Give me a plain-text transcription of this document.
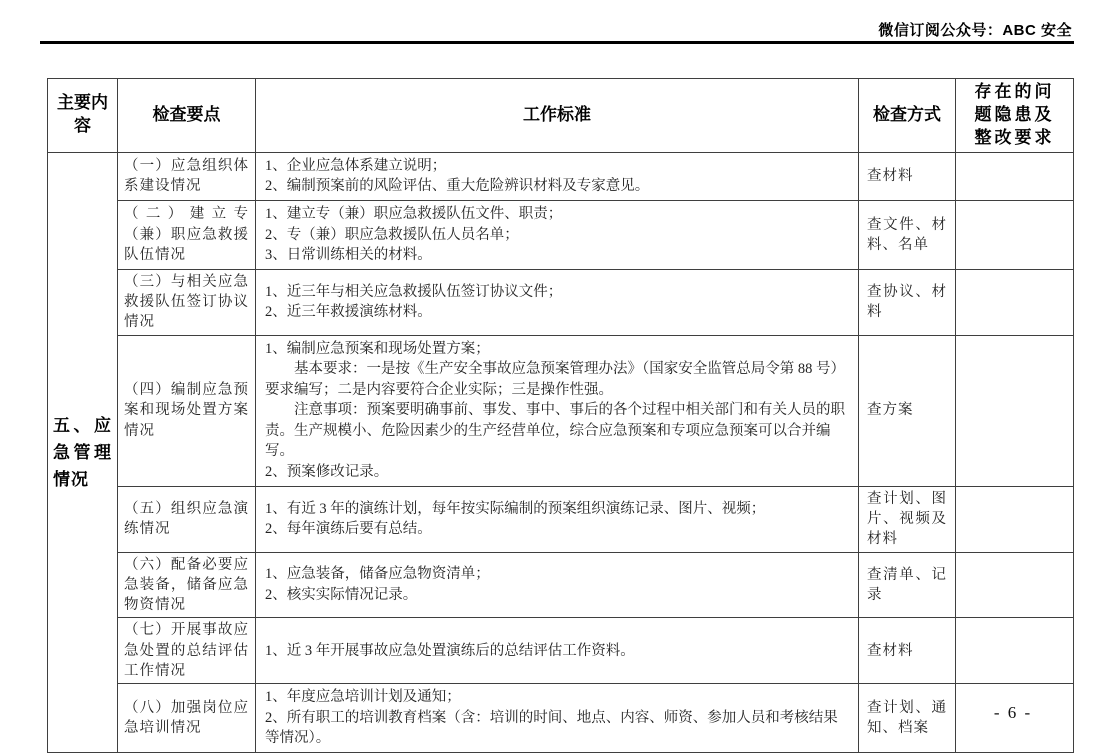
微信订阅公众号：ABC 安全
主要内容	检查要点	工作标准	检查方式	存在的问题隐患及整改要求
五、应急管理情况	（一）应急组织体系建设情况	1、企业应急体系建立说明；

2、编制预案前的风险评估、重大危险辨识材料及专家意见。	查材料	
	（二）建立专（兼）职应急救援队伍情况	1、建立专（兼）职应急救援队伍文件、职责；

2、专（兼）职应急救援队伍人员名单；

3、日常训练相关的材料。	查文件、材料、名单	
	（三）与相关应急救援队伍签订协议情况	1、近三年与相关应急救援队伍签订协议文件；

2、近三年救援演练材料。	查协议、材料	
	（四）编制应急预案和现场处置方案情况	1、编制应急预案和现场处置方案；

基本要求：一是按《生产安全事故应急预案管理办法》（国家安全监管总局令第 88 号）要求编写；二是内容要符合企业实际；三是操作性强。

注意事项：预案要明确事前、事发、事中、事后的各个过程中相关部门和有关人员的职责。生产规模小、危险因素少的生产经营单位，综合应急预案和专项应急预案可以合并编写。

2、预案修改记录。	查方案	
	（五）组织应急演练情况	1、有近 3 年的演练计划，每年按实际编制的预案组织演练记录、图片、视频；

2、每年演练后要有总结。	查计划、图片、视频及材料	
	（六）配备必要应急装备，储备应急物资情况	1、应急装备，储备应急物资清单；

2、核实实际情况记录。	查清单、记录	
	（七）开展事故应急处置的总结评估工作情况	1、近 3 年开展事故应急处置演练后的总结评估工作资料。	查材料	
	（八）加强岗位应急培训情况	1、年度应急培训计划及通知；

2、所有职工的培训教育档案（含：培训的时间、地点、内容、师资、参加人员和考核结果等情况）。	查计划、通知、档案	
- 6 -
